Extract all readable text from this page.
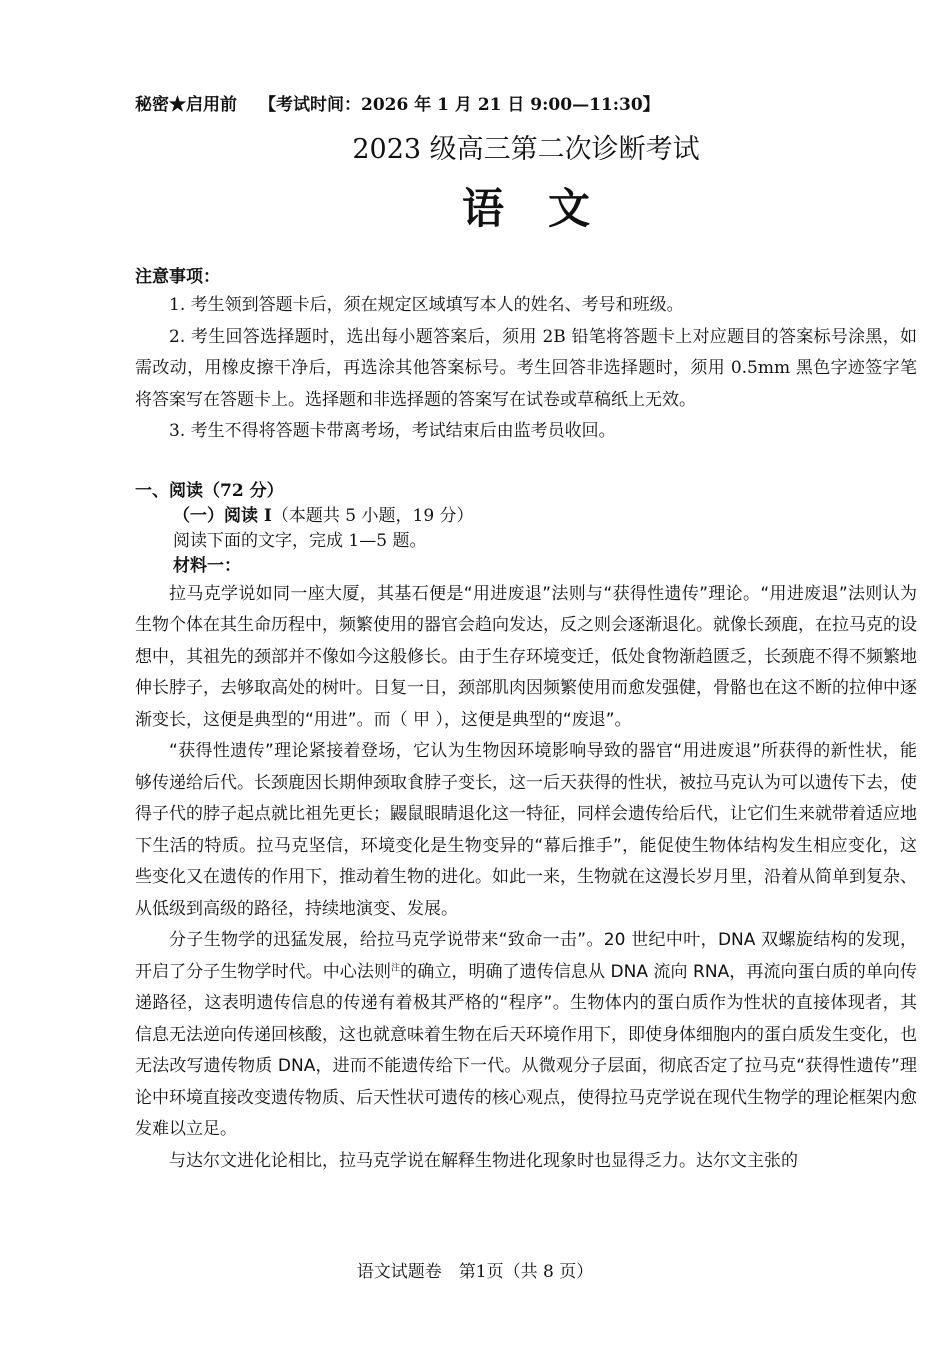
秘密★启用前 【考试时间：2026 年 1 月 21 日 9:00—11:30】
2023 级高三第二次诊断考试
语文
注意事项：
1. 考生领到答题卡后，须在规定区域填写本人的姓名、考号和班级。
2. 考生回答选择题时，选出每小题答案后，须用 2B 铅笔将答题卡上对应题目的答案标号涂黑，如需改动，用橡皮擦干净后，再选涂其他答案标号。考生回答非选择题时，须用 0.5mm 黑色字迹签字笔将答案写在答题卡上。选择题和非选择题的答案写在试卷或草稿纸上无效。
3. 考生不得将答题卡带离考场，考试结束后由监考员收回。
一、阅读（72 分）
（一）阅读 I（本题共 5 小题，19 分）
阅读下面的文字，完成 1—5 题。
材料一：
拉马克学说如同一座大厦，其基石便是“用进废退”法则与“获得性遗传”理论。“用进废退”法则认为生物个体在其生命历程中，频繁使用的器官会趋向发达，反之则会逐渐退化。就像长颈鹿，在拉马克的设想中，其祖先的颈部并不像如今这般修长。由于生存环境变迁，低处食物渐趋匮乏，长颈鹿不得不频繁地伸长脖子，去够取高处的树叶。日复一日，颈部肌肉因频繁使用而愈发强健，骨骼也在这不断的拉伸中逐渐变长，这便是典型的“用进”。而（ 甲 ），这便是典型的“废退”。
“获得性遗传”理论紧接着登场，它认为生物因环境影响导致的器官“用进废退”所获得的新性状，能够传递给后代。长颈鹿因长期伸颈取食脖子变长，这一后天获得的性状，被拉马克认为可以遗传下去，使得子代的脖子起点就比祖先更长；鼹鼠眼睛退化这一特征，同样会遗传给后代，让它们生来就带着适应地下生活的特质。拉马克坚信，环境变化是生物变异的“幕后推手”，能促使生物体结构发生相应变化，这些变化又在遗传的作用下，推动着生物的进化。如此一来，生物就在这漫长岁月里，沿着从简单到复杂、从低级到高级的路径，持续地演变、发展。
分子生物学的迅猛发展，给拉马克学说带来“致命一击”。20 世纪中叶，DNA 双螺旋结构的发现，开启了分子生物学时代。中心法则$^注$的确立，明确了遗传信息从 DNA 流向 RNA，再流向蛋白质的单向传递路径，这表明遗传信息的传递有着极其严格的“程序”。生物体内的蛋白质作为性状的直接体现者，其信息无法逆向传递回核酸，这也就意味着生物在后天环境作用下，即使身体细胞内的蛋白质发生变化，也无法改写遗传物质 DNA，进而不能遗传给下一代。从微观分子层面，彻底否定了拉马克“获得性遗传”理论中环境直接改变遗传物质、后天性状可遗传的核心观点，使得拉马克学说在现代生物学的理论框架内愈发难以立足。
与达尔文进化论相比，拉马克学说在解释生物进化现象时也显得乏力。达尔文主张的
语文试题卷　第1页（共 8 页）
